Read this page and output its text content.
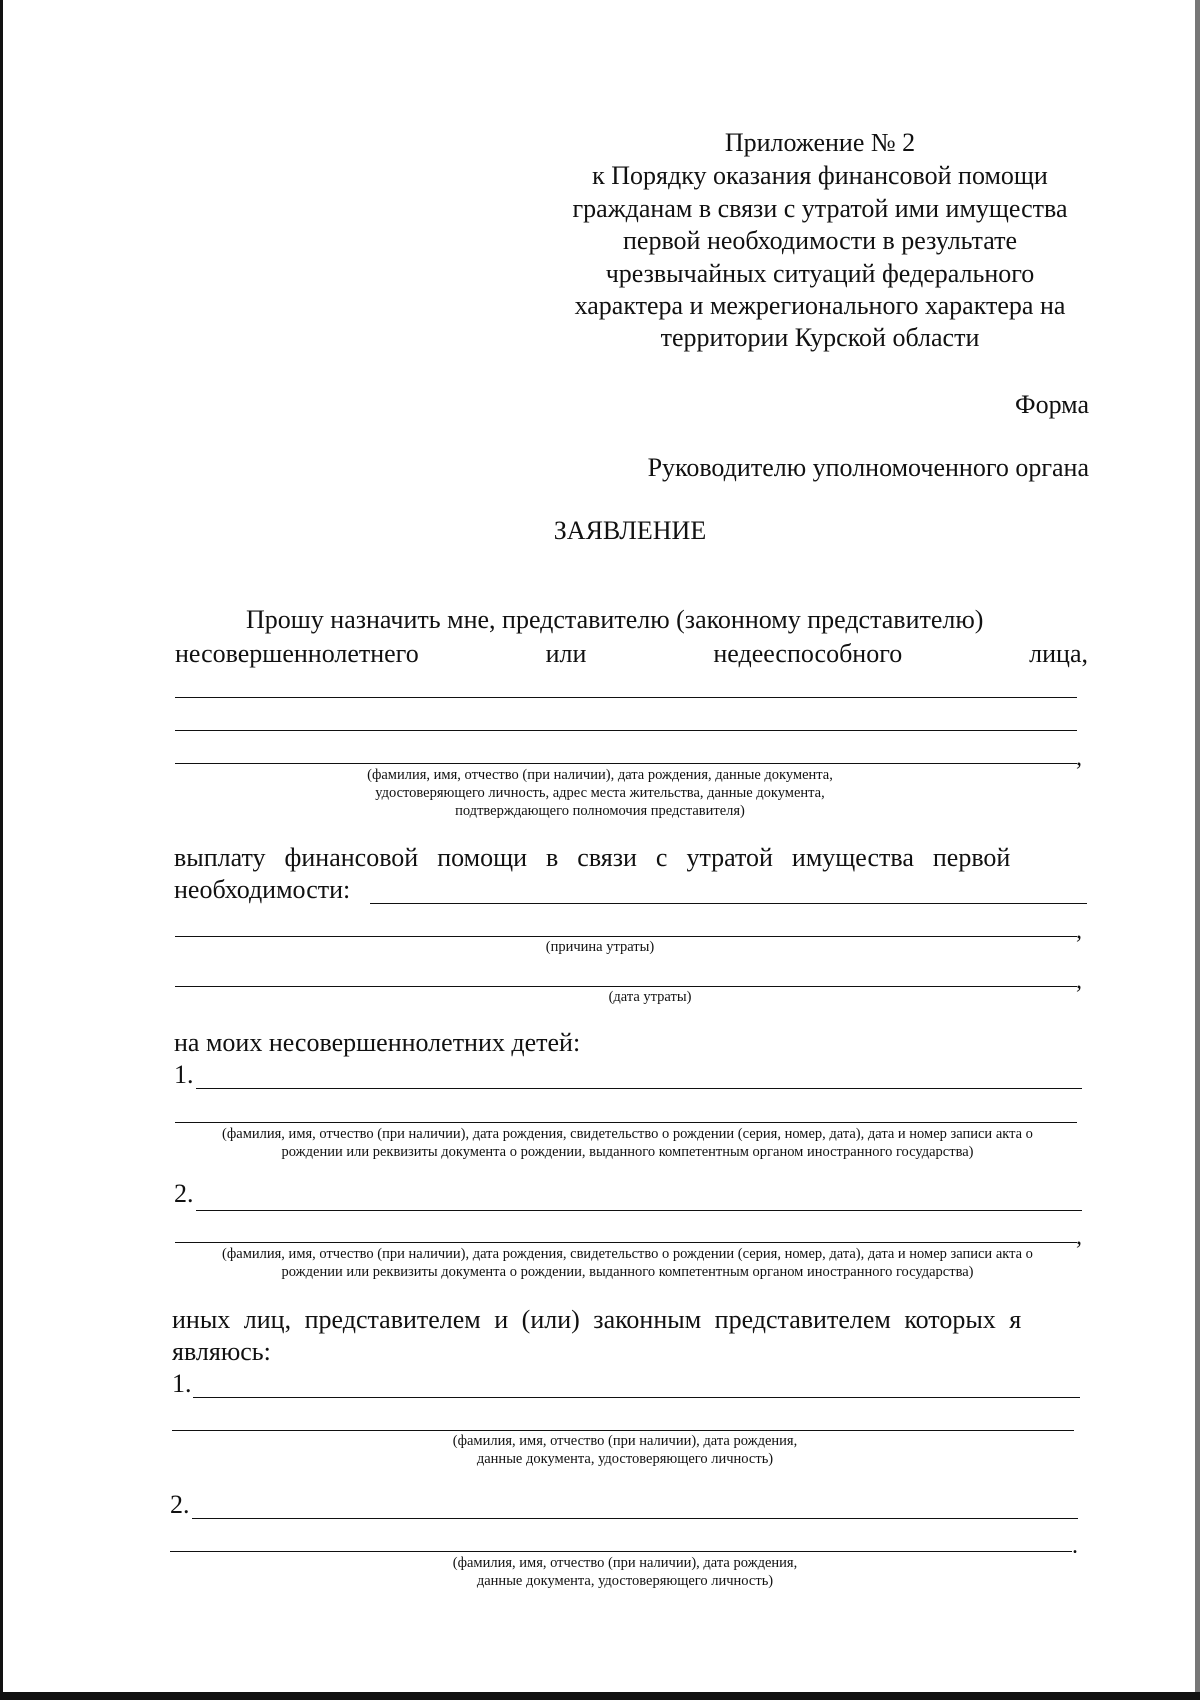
Приложение № 2
к Порядку оказания финансовой помощи
гражданам в связи с утратой ими имущества
первой необходимости в результате
чрезвычайных ситуаций федерального
характера и межрегионального характера на
территории Курской области
Форма
Руководителю уполномоченного органа
ЗАЯВЛЕНИЕ
Прошу назначить мне, представителю (законному представителю)
несовершеннолетнего	или	недееспособного	лица,
,
(фамилия, имя, отчество (при наличии), дата рождения, данные документа,
удостоверяющего личность, адрес места жительства, данные документа,
подтверждающего полномочия представителя)
выплату финансовой помощи в связи с утратой имущества первой
необходимости:
,
(причина утраты)
,
(дата утраты)
на моих несовершеннолетних детей:
1.
(фамилия, имя, отчество (при наличии), дата рождения, свидетельство о рождении (серия, номер, дата), дата и номер записи акта о
рождении или реквизиты документа о рождении, выданного компетентным органом иностранного государства)
2.
,
(фамилия, имя, отчество (при наличии), дата рождения, свидетельство о рождении (серия, номер, дата), дата и номер записи акта о
рождении или реквизиты документа о рождении, выданного компетентным органом иностранного государства)
иных лиц, представителем и (или) законным представителем которых я
являюсь:
1.
(фамилия, имя, отчество (при наличии), дата рождения,
данные документа, удостоверяющего личность)
2.
.
(фамилия, имя, отчество (при наличии), дата рождения,
данные документа, удостоверяющего личность)
